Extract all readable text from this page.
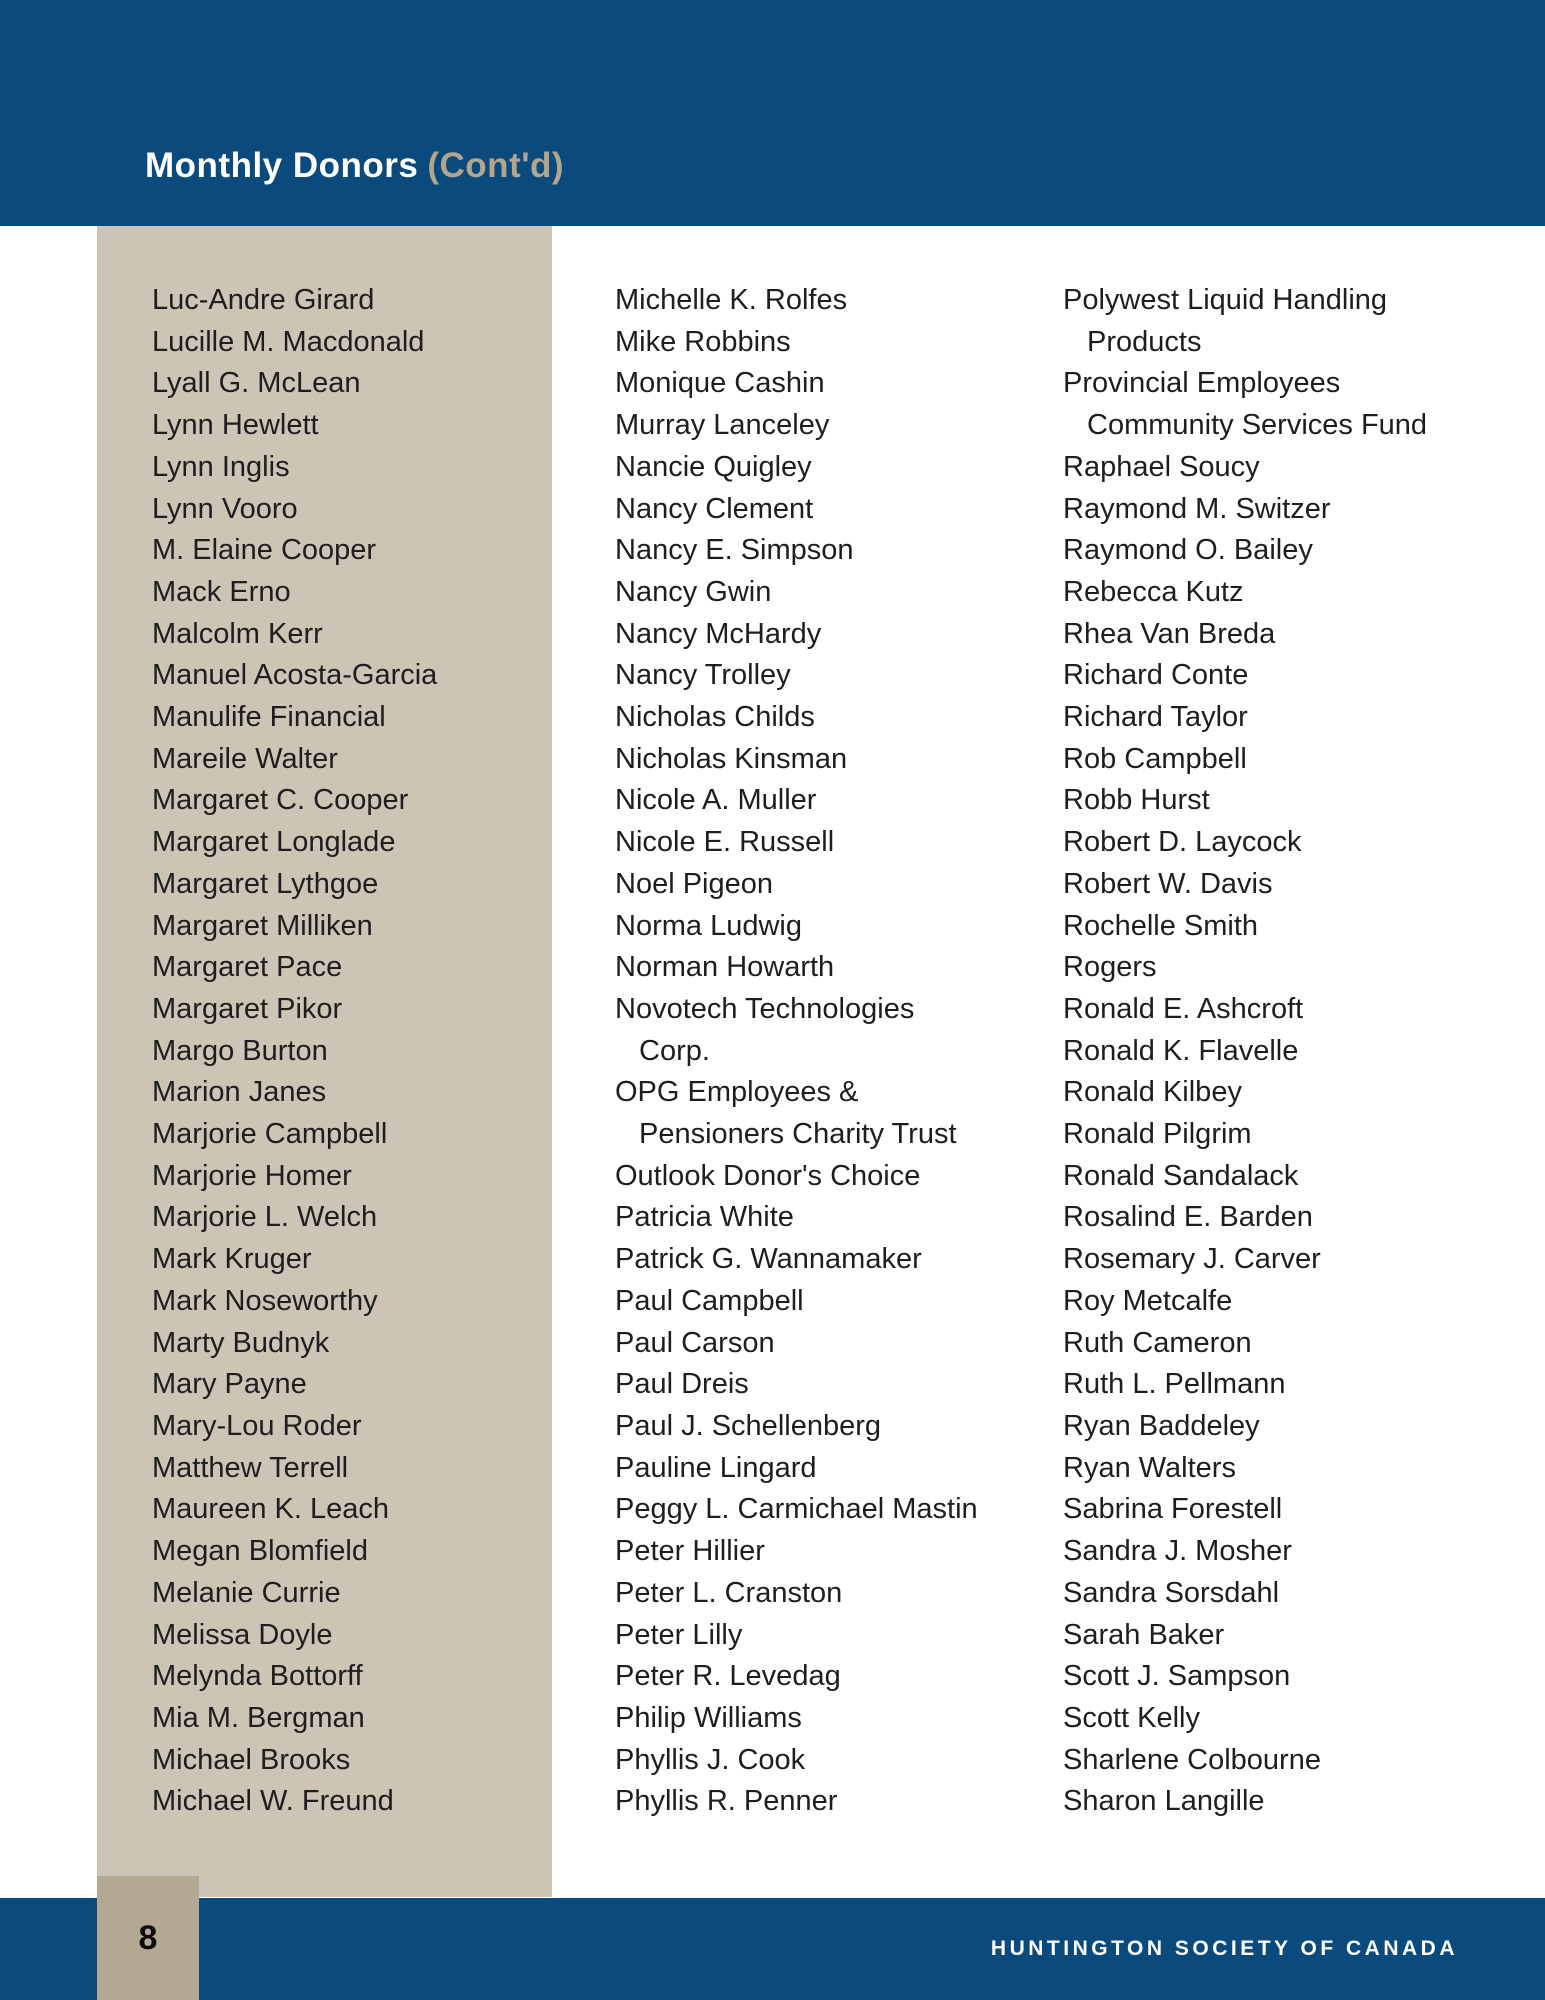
Monthly Donors (Cont'd)
Luc-Andre Girard
Lucille M. Macdonald
Lyall G. McLean
Lynn Hewlett
Lynn Inglis
Lynn Vooro
M. Elaine Cooper
Mack Erno
Malcolm Kerr
Manuel Acosta-Garcia
Manulife Financial
Mareile Walter
Margaret C. Cooper
Margaret Longlade
Margaret Lythgoe
Margaret Milliken
Margaret Pace
Margaret Pikor
Margo Burton
Marion Janes
Marjorie Campbell
Marjorie Homer
Marjorie L. Welch
Mark Kruger
Mark Noseworthy
Marty Budnyk
Mary Payne
Mary-Lou Roder
Matthew Terrell
Maureen K. Leach
Megan Blomfield
Melanie Currie
Melissa Doyle
Melynda Bottorff
Mia M. Bergman
Michael Brooks
Michael W. Freund
Michelle K. Rolfes
Mike Robbins
Monique Cashin
Murray Lanceley
Nancie Quigley
Nancy Clement
Nancy E. Simpson
Nancy Gwin
Nancy McHardy
Nancy Trolley
Nicholas Childs
Nicholas Kinsman
Nicole A. Muller
Nicole E. Russell
Noel Pigeon
Norma Ludwig
Norman Howarth
Novotech Technologies
Corp.
OPG Employees &
Pensioners Charity Trust
Outlook Donor's Choice
Patricia White
Patrick G. Wannamaker
Paul Campbell
Paul Carson
Paul Dreis
Paul J. Schellenberg
Pauline Lingard
Peggy L. Carmichael Mastin
Peter Hillier
Peter L. Cranston
Peter Lilly
Peter R. Levedag
Philip Williams
Phyllis J. Cook
Phyllis R. Penner
Polywest Liquid Handling
Products
Provincial Employees
Community Services Fund
Raphael Soucy
Raymond M. Switzer
Raymond O. Bailey
Rebecca Kutz
Rhea Van Breda
Richard Conte
Richard Taylor
Rob Campbell
Robb Hurst
Robert D. Laycock
Robert W. Davis
Rochelle Smith
Rogers
Ronald E. Ashcroft
Ronald K. Flavelle
Ronald Kilbey
Ronald Pilgrim
Ronald Sandalack
Rosalind E. Barden
Rosemary J. Carver
Roy Metcalfe
Ruth Cameron
Ruth L. Pellmann
Ryan Baddeley
Ryan Walters
Sabrina Forestell
Sandra J. Mosher
Sandra Sorsdahl
Sarah Baker
Scott J. Sampson
Scott Kelly
Sharlene Colbourne
Sharon Langille
HUNTINGTON SOCIETY OF CANADA
8
